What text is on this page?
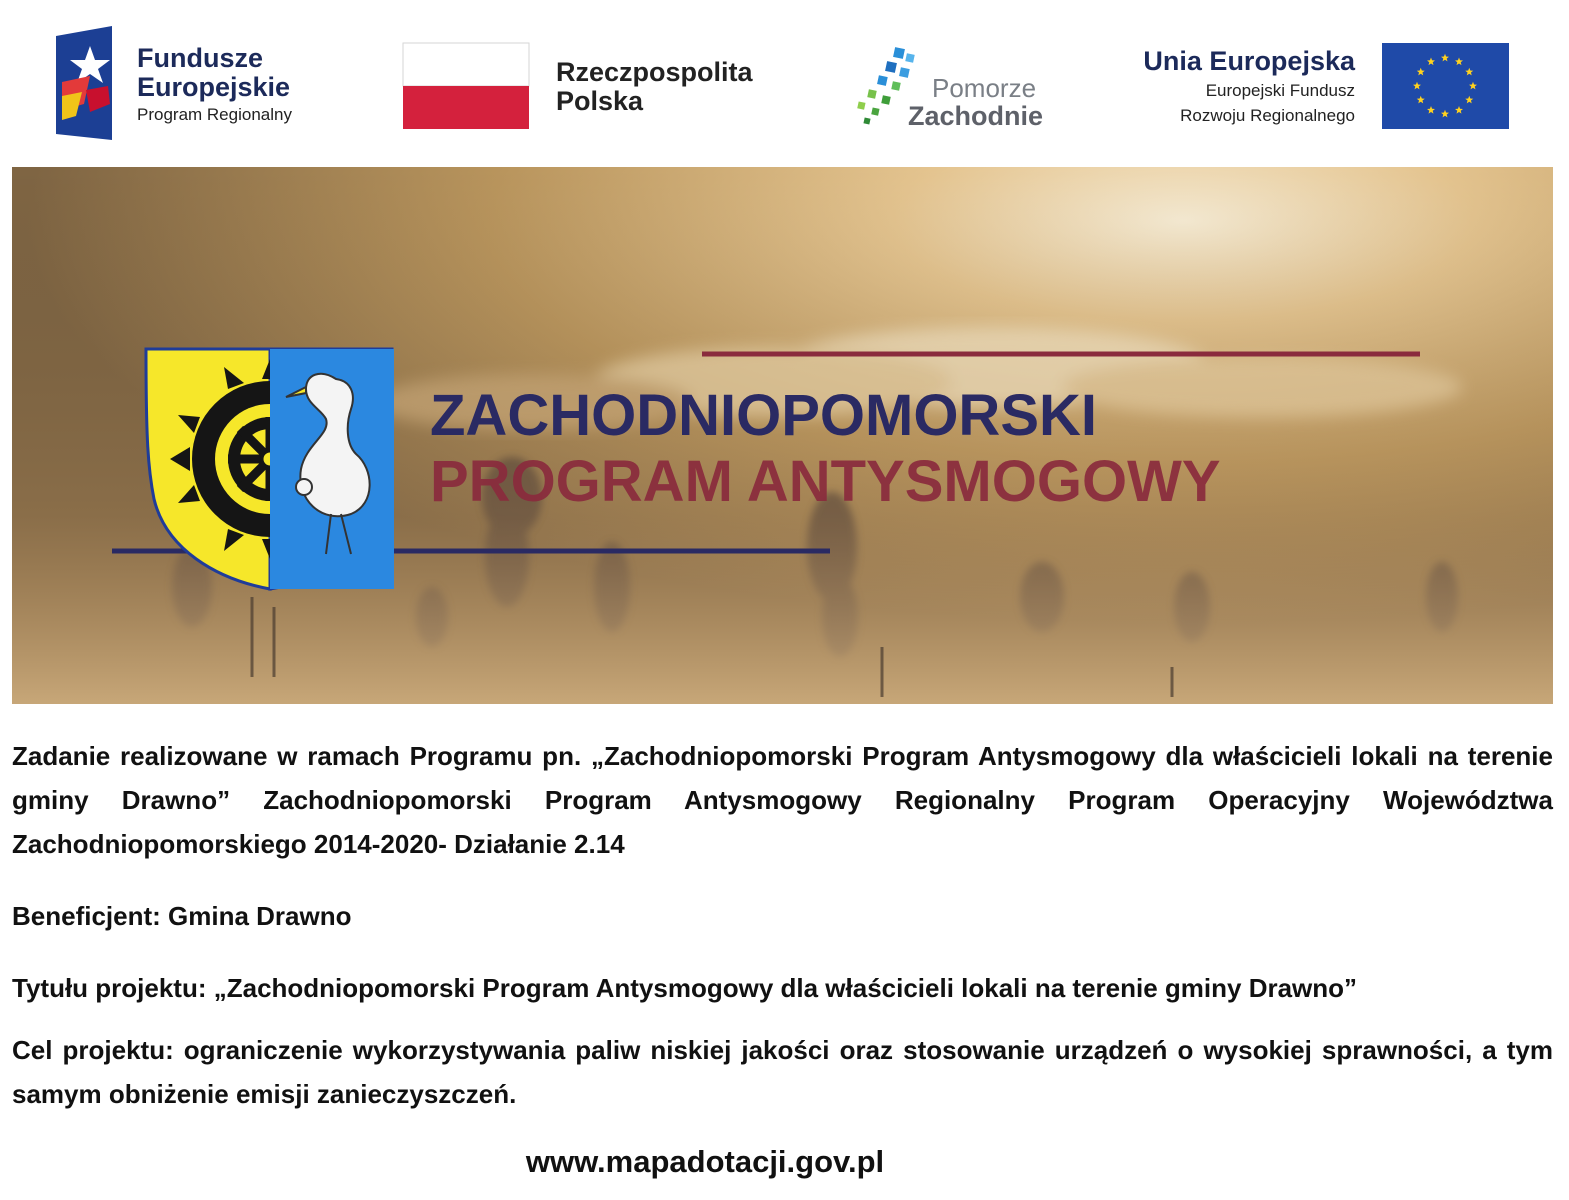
Fundusze
Europejskie
Program Regionalny
Rzeczpospolita
Polska	Pomorze
Zachodnie
Unia Europejska
Europejski Fundusz
Rozwoju Regionalnego
ZACHODNIOPOMORSKI
PROGRAM ANTYSMOGOWY
Zadanie realizowane w ramach Programu pn. „Zachodniopomorski Program Antysmogowy dla właścicieli lokali na terenie gminy Drawno” Zachodniopomorski Program Antysmogowy Regionalny Program Operacyjny Województwa Zachodniopomorskiego 2014-2020- Działanie 2.14
Beneficjent: Gmina Drawno
Tytułu projektu: „Zachodniopomorski Program Antysmogowy dla właścicieli lokali na terenie gminy Drawno”
Cel projektu: ograniczenie wykorzystywania paliw niskiej jakości oraz stosowanie urządzeń o wysokiej sprawności, a tym samym obniżenie emisji zanieczyszczeń.
www.mapadotacji.gov.pl
